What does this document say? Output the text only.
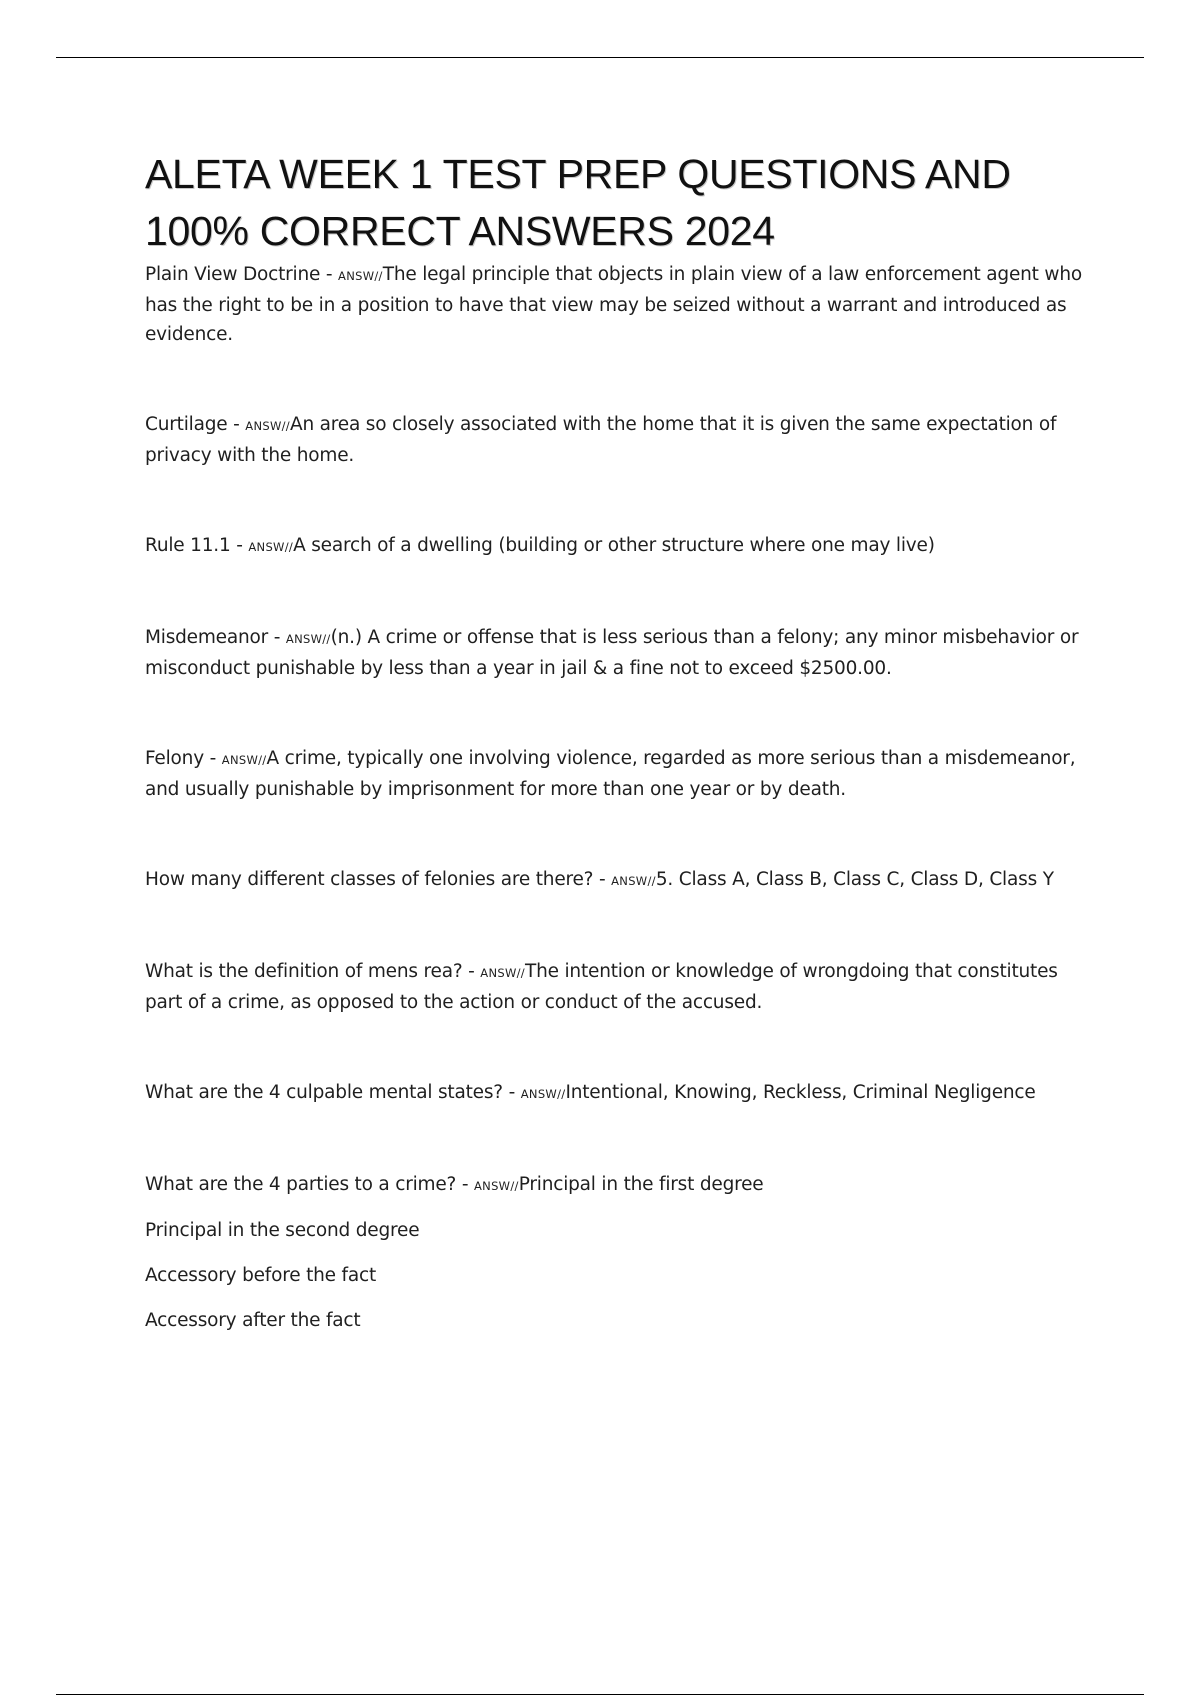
ALETA WEEK 1 TEST PREP QUESTIONS AND 100% CORRECT ANSWERS 2024
Plain View Doctrine - ANSW//The legal principle that objects in plain view of a law enforcement agent who has the right to be in a position to have that view may be seized without a warrant and introduced as evidence.
Curtilage - ANSW//An area so closely associated with the home that it is given the same expectation of privacy with the home.
Rule 11.1 - ANSW//A search of a dwelling (building or other structure where one may live)
Misdemeanor - ANSW//(n.) A crime or offense that is less serious than a felony; any minor misbehavior or misconduct punishable by less than a year in jail & a fine not to exceed $2500.00.
Felony - ANSW//A crime, typically one involving violence, regarded as more serious than a misdemeanor, and usually punishable by imprisonment for more than one year or by death.
How many different classes of felonies are there? - ANSW//5. Class A, Class B, Class C, Class D, Class Y
What is the definition of mens rea? - ANSW//The intention or knowledge of wrongdoing that constitutes part of a crime, as opposed to the action or conduct of the accused.
What are the 4 culpable mental states? - ANSW//Intentional, Knowing, Reckless, Criminal Negligence
What are the 4 parties to a crime? - ANSW//Principal in the first degree
Principal in the second degree
Accessory before the fact
Accessory after the fact
